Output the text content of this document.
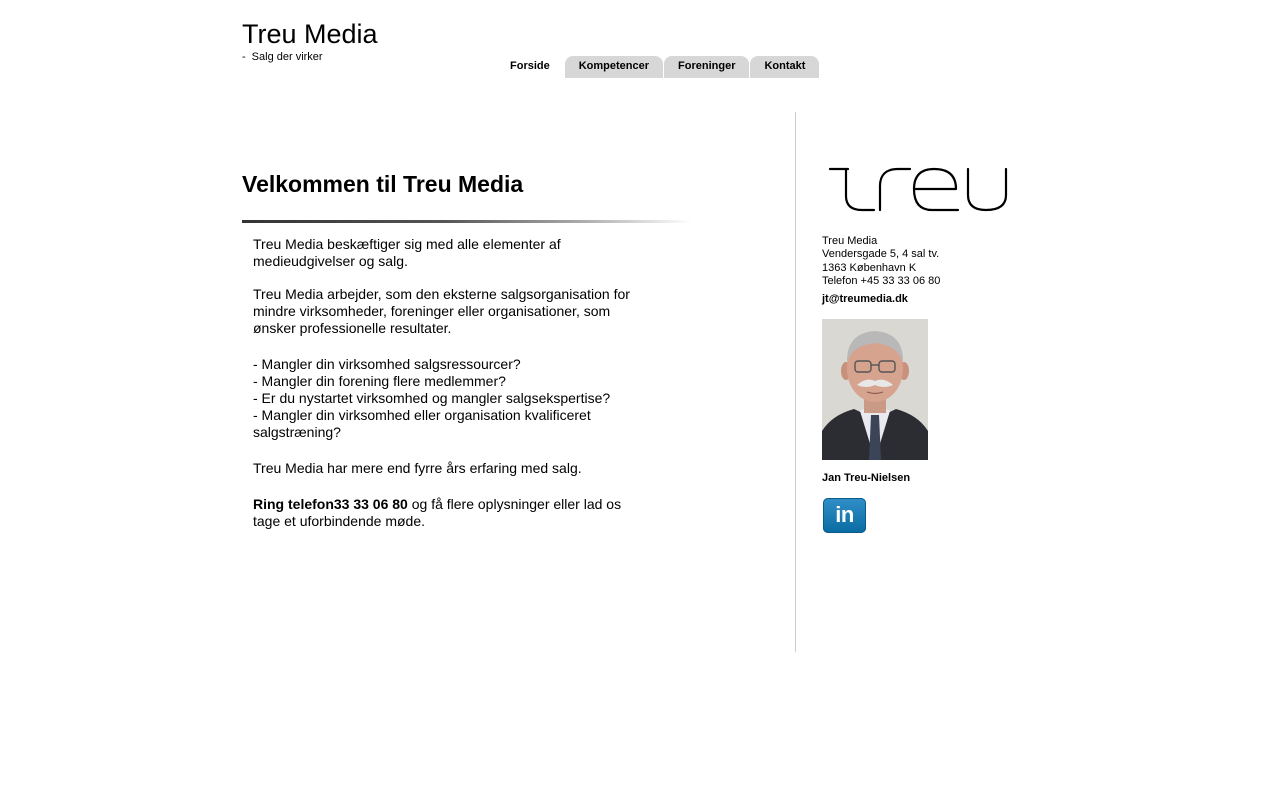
Treu Media
- Salg der virker
Forside	Kompetencer	Foreninger	Kontakt
Velkommen til Treu Media

Treu Media beskæftiger sig med alle elementer af medieudgivelser og salg.

Treu Media arbejder, som den eksterne salgsorganisation for mindre virksomheder, foreninger eller organisationer, som ønsker professionelle resultater.

- Mangler din virksomhed salgsressourcer?
- Mangler din forening flere medlemmer?
- Er du nystartet virksomhed og mangler salgsekspertise?
- Mangler din virksomhed eller organisation kvalificeret salgstræning?

Treu Media har mere end fyrre års erfaring med salg.

Ring telefon33 33 06 80 og få flere oplysninger eller lad os tage et uforbindende møde.

Treu Media
Vendersgade 5, 4 sal tv.
1363 København K
Telefon +45 33 33 06 80
jt@treumedia.dk
Jan Treu-Nielsen
in
